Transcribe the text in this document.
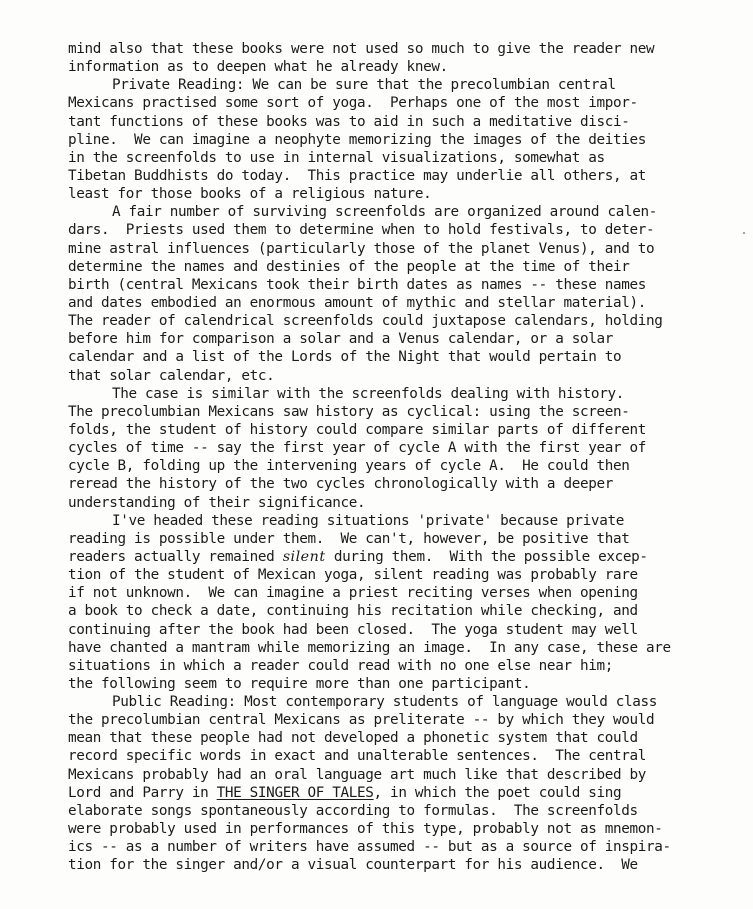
mind also that these books were not used so much to give the reader new
information as to deepen what he already knew.
Private Reading: We can be sure that the precolumbian central
Mexicans practised some sort of yoga.  Perhaps one of the most impor-
tant functions of these books was to aid in such a meditative disci-
pline.  We can imagine a neophyte memorizing the images of the deities
in the screenfolds to use in internal visualizations, somewhat as
Tibetan Buddhists do today.  This practice may underlie all others, at
least for those books of a religious nature.
A fair number of surviving screenfolds are organized around calen-
dars.  Priests used them to determine when to hold festivals, to deter-
mine astral influences (particularly those of the planet Venus), and to
determine the names and destinies of the people at the time of their
birth (central Mexicans took their birth dates as names -- these names
and dates embodied an enormous amount of mythic and stellar material).
The reader of calendrical screenfolds could juxtapose calendars, holding
before him for comparison a solar and a Venus calendar, or a solar
calendar and a list of the Lords of the Night that would pertain to
that solar calendar, etc.
The case is similar with the screenfolds dealing with history.
The precolumbian Mexicans saw history as cyclical: using the screen-
folds, the student of history could compare similar parts of different
cycles of time -- say the first year of cycle A with the first year of
cycle B, folding up the intervening years of cycle A.  He could then
reread the history of the two cycles chronologically with a deeper
understanding of their significance.
I've headed these reading situations 'private' because private
reading is possible under them.  We can't, however, be positive that
readers actually remained silent during them.  With the possible excep-
tion of the student of Mexican yoga, silent reading was probably rare
if not unknown.  We can imagine a priest reciting verses when opening
a book to check a date, continuing his recitation while checking, and
continuing after the book had been closed.  The yoga student may well
have chanted a mantram while memorizing an image.  In any case, these are
situations in which a reader could read with no one else near him;
the following seem to require more than one participant.
Public Reading: Most contemporary students of language would class
the precolumbian central Mexicans as preliterate -- by which they would
mean that these people had not developed a phonetic system that could
record specific words in exact and unalterable sentences.  The central
Mexicans probably had an oral language art much like that described by
Lord and Parry in THE SINGER OF TALES, in which the poet could sing
elaborate songs spontaneously according to formulas.  The screenfolds
were probably used in performances of this type, probably not as mnemon-
ics -- as a number of writers have assumed -- but as a source of inspira-
tion for the singer and/or a visual counterpart for his audience.  We
